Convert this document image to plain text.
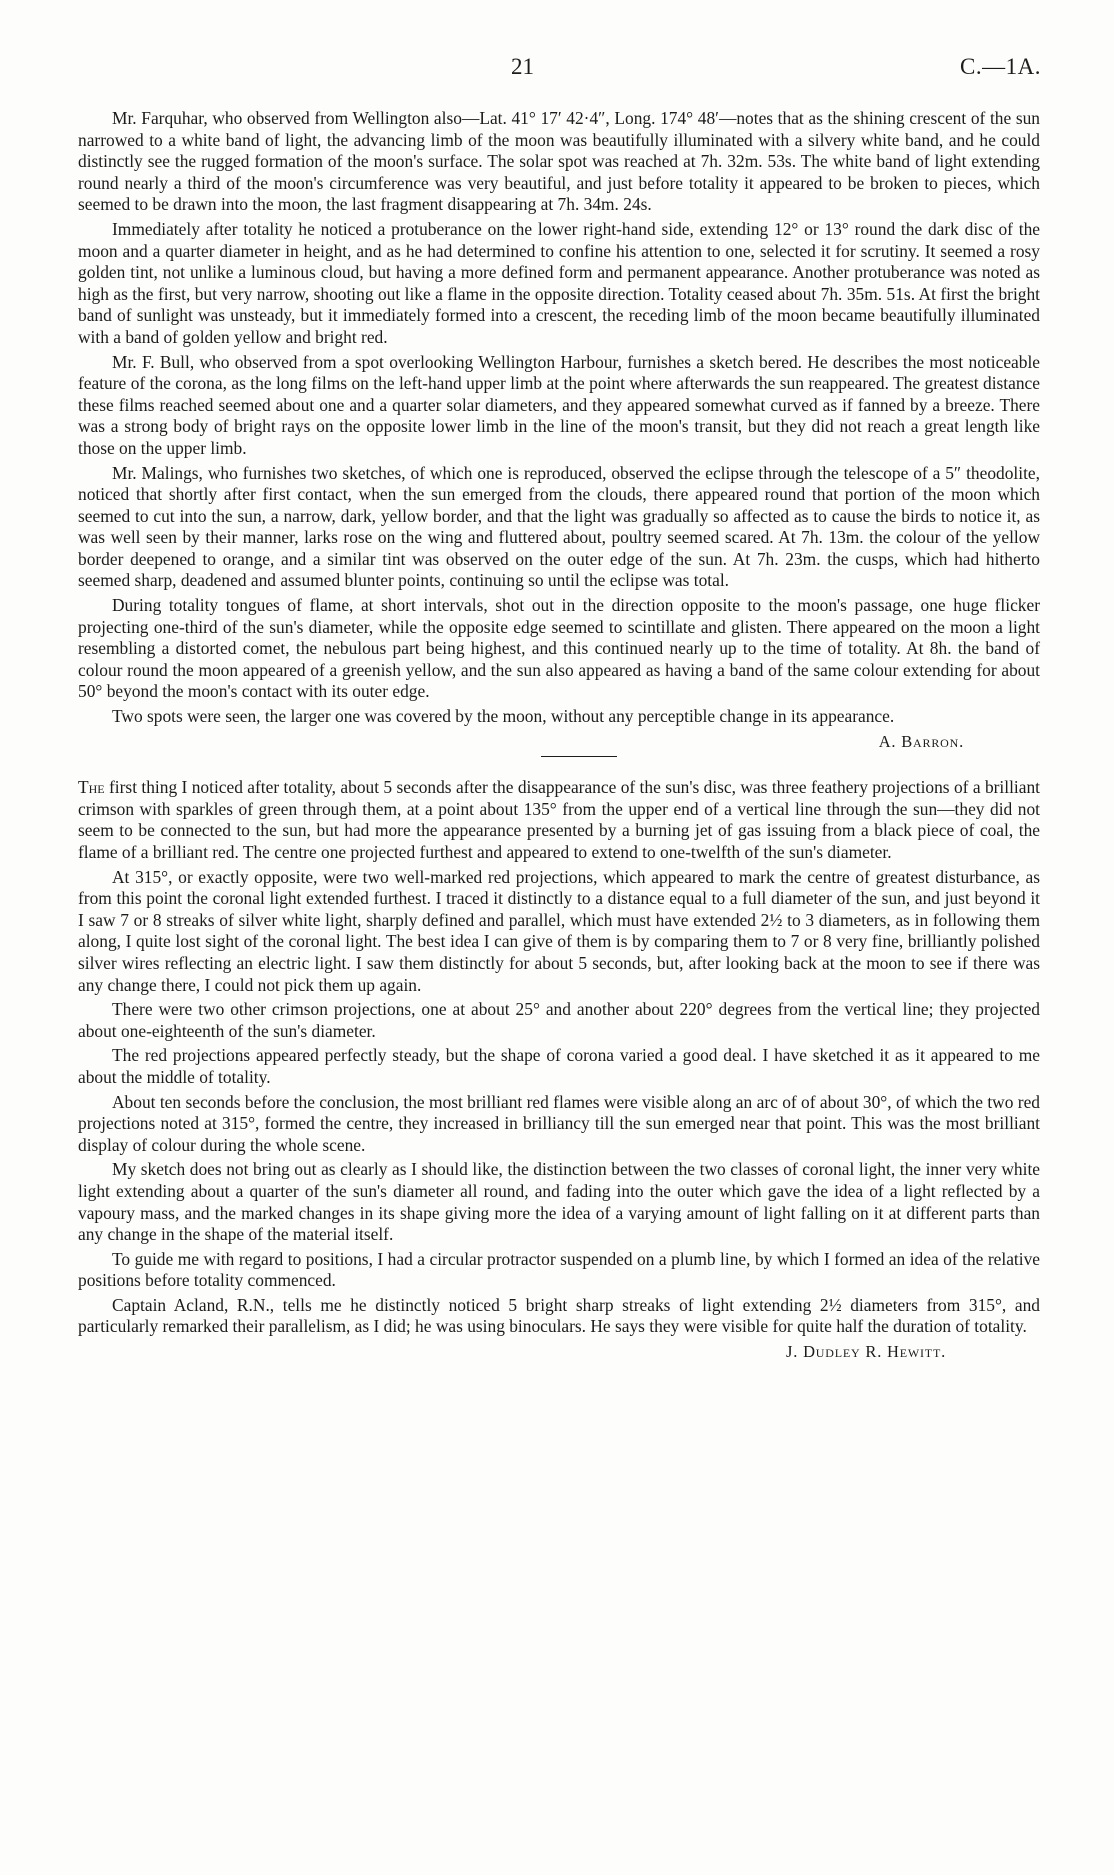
21	C.—1A.

Mr. Farquhar, who observed from Wellington also—Lat. 41° 17′ 42·4″, Long. 174° 48′—notes that as the shining crescent of the sun narrowed to a white band of light, the advancing limb of the moon was beautifully illuminated with a silvery white band, and he could distinctly see the rugged formation of the moon's surface. The solar spot was reached at 7h. 32m. 53s. The white band of light extending round nearly a third of the moon's circumference was very beautiful, and just before totality it appeared to be broken to pieces, which seemed to be drawn into the moon, the last fragment disappearing at 7h. 34m. 24s.

Immediately after totality he noticed a protuberance on the lower right-hand side, extending 12° or 13° round the dark disc of the moon and a quarter diameter in height, and as he had determined to confine his attention to one, selected it for scrutiny. It seemed a rosy golden tint, not unlike a luminous cloud, but having a more defined form and permanent appearance. Another protuberance was noted as high as the first, but very narrow, shooting out like a flame in the opposite direction. Totality ceased about 7h. 35m. 51s. At first the bright band of sunlight was unsteady, but it immediately formed into a crescent, the receding limb of the moon became beautifully illuminated with a band of golden yellow and bright red.

Mr. F. Bull, who observed from a spot overlooking Wellington Harbour, furnishes a sketch bered. He describes the most noticeable feature of the corona, as the long films on the left-hand upper limb at the point where afterwards the sun reappeared. The greatest distance these films reached seemed about one and a quarter solar diameters, and they appeared somewhat curved as if fanned by a breeze. There was a strong body of bright rays on the opposite lower limb in the line of the moon's transit, but they did not reach a great length like those on the upper limb.

Mr. Malings, who furnishes two sketches, of which one is reproduced, observed the eclipse through the telescope of a 5″ theodolite, noticed that shortly after first contact, when the sun emerged from the clouds, there appeared round that portion of the moon which seemed to cut into the sun, a narrow, dark, yellow border, and that the light was gradually so affected as to cause the birds to notice it, as was well seen by their manner, larks rose on the wing and fluttered about, poultry seemed scared. At 7h. 13m. the colour of the yellow border deepened to orange, and a similar tint was observed on the outer edge of the sun. At 7h. 23m. the cusps, which had hitherto seemed sharp, deadened and assumed blunter points, continuing so until the eclipse was total.

During totality tongues of flame, at short intervals, shot out in the direction opposite to the moon's passage, one huge flicker projecting one-third of the sun's diameter, while the opposite edge seemed to scintillate and glisten. There appeared on the moon a light resembling a distorted comet, the nebulous part being highest, and this continued nearly up to the time of totality. At 8h. the band of colour round the moon appeared of a greenish yellow, and the sun also appeared as having a band of the same colour extending for about 50° beyond the moon's contact with its outer edge.

Two spots were seen, the larger one was covered by the moon, without any perceptible change in its appearance.

A. Barron.

The first thing I noticed after totality, about 5 seconds after the disappearance of the sun's disc, was three feathery projections of a brilliant crimson with sparkles of green through them, at a point about 135° from the upper end of a vertical line through the sun—they did not seem to be connected to the sun, but had more the appearance presented by a burning jet of gas issuing from a black piece of coal, the flame of a brilliant red. The centre one projected furthest and appeared to extend to one-twelfth of the sun's diameter.

At 315°, or exactly opposite, were two well-marked red projections, which appeared to mark the centre of greatest disturbance, as from this point the coronal light extended furthest. I traced it distinctly to a distance equal to a full diameter of the sun, and just beyond it I saw 7 or 8 streaks of silver white light, sharply defined and parallel, which must have extended 2½ to 3 diameters, as in following them along, I quite lost sight of the coronal light. The best idea I can give of them is by comparing them to 7 or 8 very fine, brilliantly polished silver wires reflecting an electric light. I saw them distinctly for about 5 seconds, but, after looking back at the moon to see if there was any change there, I could not pick them up again.

There were two other crimson projections, one at about 25° and another about 220° degrees from the vertical line; they projected about one-eighteenth of the sun's diameter.

The red projections appeared perfectly steady, but the shape of corona varied a good deal. I have sketched it as it appeared to me about the middle of totality.

About ten seconds before the conclusion, the most brilliant red flames were visible along an arc of of about 30°, of which the two red projections noted at 315°, formed the centre, they increased in brilliancy till the sun emerged near that point. This was the most brilliant display of colour during the whole scene.

My sketch does not bring out as clearly as I should like, the distinction between the two classes of coronal light, the inner very white light extending about a quarter of the sun's diameter all round, and fading into the outer which gave the idea of a light reflected by a vapoury mass, and the marked changes in its shape giving more the idea of a varying amount of light falling on it at different parts than any change in the shape of the material itself.

To guide me with regard to positions, I had a circular protractor suspended on a plumb line, by which I formed an idea of the relative positions before totality commenced.

Captain Acland, R.N., tells me he distinctly noticed 5 bright sharp streaks of light extending 2½ diameters from 315°, and particularly remarked their parallelism, as I did; he was using binoculars. He says they were visible for quite half the duration of totality.

J. Dudley R. Hewitt.
